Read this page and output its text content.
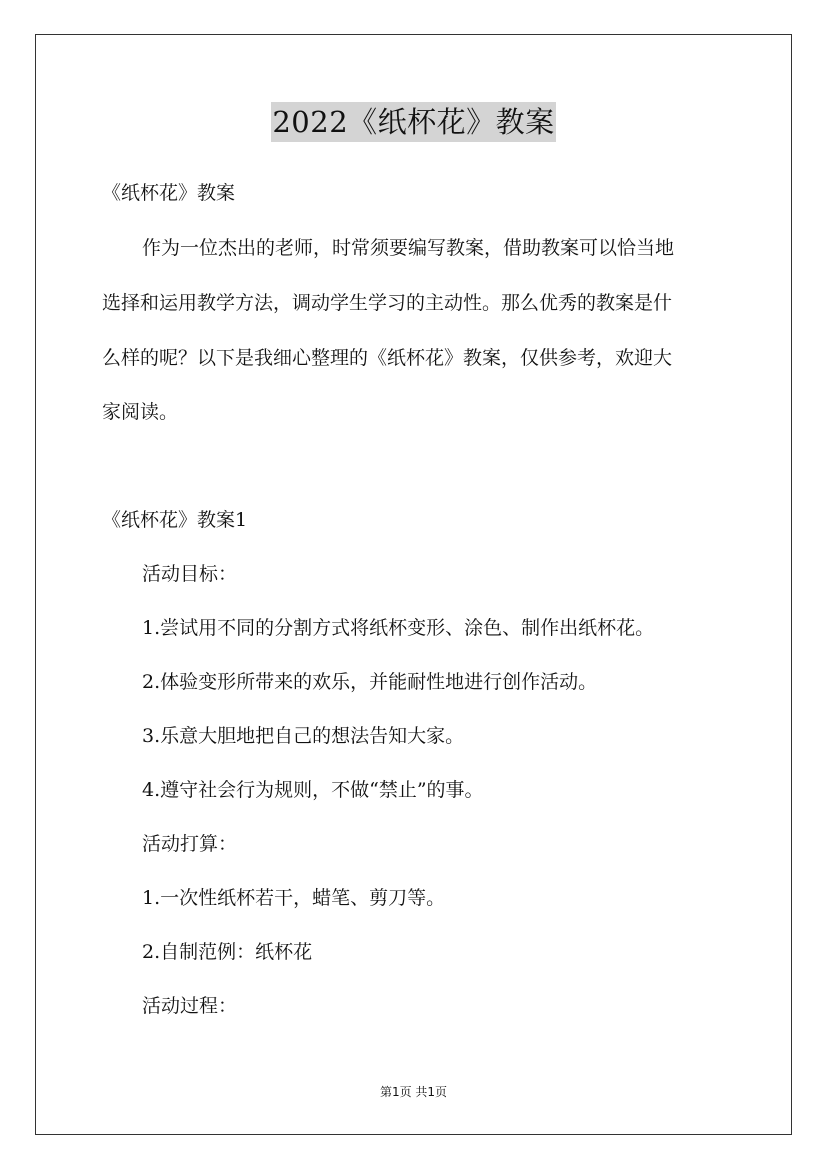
2022《纸杯花》教案
《纸杯花》教案
作为一位杰出的老师，时常须要编写教案，借助教案可以恰当地
选择和运用教学方法，调动学生学习的主动性。那么优秀的教案是什
么样的呢？以下是我细心整理的《纸杯花》教案，仅供参考，欢迎大
家阅读。
《纸杯花》教案1
活动目标：
1.尝试用不同的分割方式将纸杯变形、涂色、制作出纸杯花。
2.体验变形所带来的欢乐，并能耐性地进行创作活动。
3.乐意大胆地把自己的想法告知大家。
4.遵守社会行为规则，不做“禁止”的事。
活动打算：
1.一次性纸杯若干，蜡笔、剪刀等。
2.自制范例：纸杯花
活动过程：
第1页 共1页
